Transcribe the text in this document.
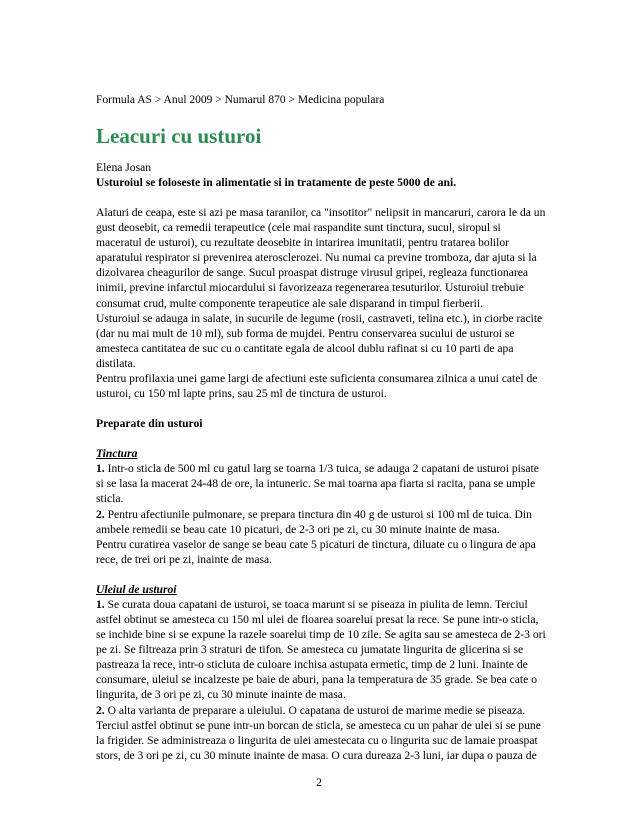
Formula AS > Anul 2009 > Numarul 870 > Medicina populara

Leacuri cu usturoi

Elena Josan

Usturoiul se foloseste in alimentatie si in tratamente de peste 5000 de ani.

Alaturi de ceapa, este si azi pe masa taranilor, ca "insotitor" nelipsit in mancaruri, carora le da un gust deosebit, ca remedii terapeutice (cele mai raspandite sunt tinctura, sucul, siropul si maceratul de usturoi), cu rezultate deosebite in intarirea imunitatii, pentru tratarea bolilor aparatului respirator si prevenirea aterosclerozei. Nu numai ca previne tromboza, dar ajuta si la dizolvarea cheagurilor de sange. Sucul proaspat distruge virusul gripei, regleaza functionarea inimii, previne infarctul miocardului si favorizeaza regenerarea tesuturilor. Usturoiul trebuie consumat crud, multe componente terapeutice ale sale disparand in timpul fierberii.

Usturoiul se adauga in salate, in sucurile de legume (rosii, castraveti, telina etc.), in ciorbe racite (dar nu mai mult de 10 ml), sub forma de mujdei. Pentru conservarea sucului de usturoi se amesteca cantitatea de suc cu o cantitate egala de alcool dublu rafinat si cu 10 parti de apa distilata.

Pentru profilaxia unei game largi de afectiuni este suficienta consumarea zilnica a unui catel de usturoi, cu 150 ml lapte prins, sau 25 ml de tinctura de usturoi.

Preparate din usturoi

Tinctura

1. Intr-o sticla de 500 ml cu gatul larg se toarna 1/3 tuica, se adauga 2 capatani de usturoi pisate si se lasa la macerat 24-48 de ore, la intuneric. Se mai toarna apa fiarta si racita, pana se umple sticla.

2. Pentru afectiunile pulmonare, se prepara tinctura din 40 g de usturoi si 100 ml de tuica. Din ambele remedii se beau cate 10 picaturi, de 2-3 ori pe zi, cu 30 minute inainte de masa.

Pentru curatirea vaselor de sange se beau cate 5 picaturi de tinctura, diluate cu o lingura de apa rece, de trei ori pe zi, inainte de masa.

Uleiul de usturoi

1. Se curata doua capatani de usturoi, se toaca marunt si se piseaza in piulita de lemn. Terciul astfel obtinut se amesteca cu 150 ml ulei de floarea soarelui presat la rece. Se pune intr-o sticla, se inchide bine si se expune la razele soarelui timp de 10 zile. Se agita sau se amesteca de 2-3 ori pe zi. Se filtreaza prin 3 straturi de tifon. Se amesteca cu jumatate lingurita de glicerina si se pastreaza la rece, intr-o sticluta de culoare inchisa astupata ermetic, timp de 2 luni. Inainte de consumare, uleiul se incalzeste pe baie de aburi, pana la temperatura de 35 grade. Se bea cate o lingurita, de 3 ori pe zi, cu 30 minute inainte de masa.

2. O alta varianta de preparare a uleiului. O capatana de usturoi de marime medie se piseaza. Terciul astfel obtinut se pune intr-un borcan de sticla, se amesteca cu un pahar de ulei si se pune la frigider. Se administreaza o lingurita de ulei amestecata cu o lingurita suc de lamaie proaspat stors, de 3 ori pe zi, cu 30 minute inainte de masa. O cura dureaza 2-3 luni, iar dupa o pauza de

2
